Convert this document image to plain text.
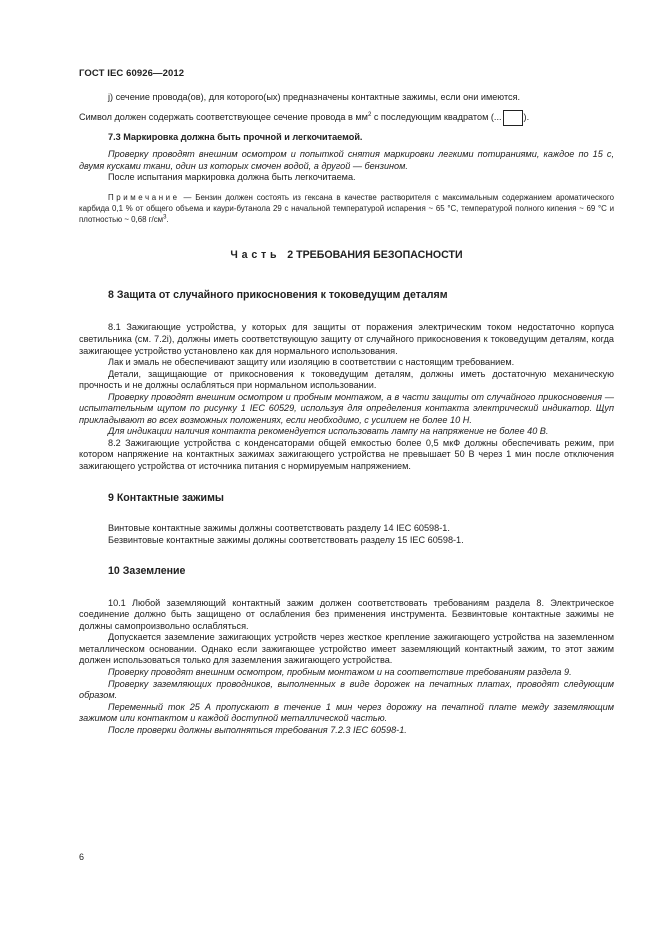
ГОСТ IEC 60926—2012

j) сечение провода(ов), для которого(ых) предназначены контактные зажимы, если они имеются.

Символ должен содержать соответствующее сечение провода в $мм^2$ с последующим квадратом (... ).

7.3 Маркировка должна быть прочной и легкочитаемой.

Проверку проводят внешним осмотром и попыткой снятия маркировки легкими потираниями, каждое по 15 с, двумя кусками ткани, один из которых смочен водой, а другой — бензином.

После испытания маркировка должна быть легкочитаема.

Примечание — Бензин должен состоять из гексана в качестве растворителя с максимальным содержанием ароматического карбида 0,1 % от общего объема и каури-бутанола 29 с начальной температурой испарения ~ 65 °С, температурой полного кипения ~ 69 °С и плотностью ~ 0,68 $г/см^3$.

Часть 2 ТРЕБОВАНИЯ БЕЗОПАСНОСТИ
8 Защита от случайного прикосновения к токоведущим деталям

8.1 Зажигающие устройства, у которых для защиты от поражения электрическим током недостаточно корпуса светильника (см. 7.2i), должны иметь соответствующую защиту от случайного прикосновения к токоведущим деталям, когда зажигающее устройство установлено как для нормального использования.

Лак и эмаль не обеспечивают защиту или изоляцию в соответствии с настоящим требованием.

Детали, защищающие от прикосновения к токоведущим деталям, должны иметь достаточную механическую прочность и не должны ослабляться при нормальном использовании.

Проверку проводят внешним осмотром и пробным монтажом, а в части защиты от случайного прикосновения — испытательным щупом по рисунку 1 IEC 60529, используя для определения контакта электрический индикатор. Щуп прикладывают во всех возможных положениях, если необходимо, с усилием не более 10 Н.

Для индикации наличия контакта рекомендуется использовать лампу на напряжение не более 40 В.

8.2 Зажигающие устройства с конденсаторами общей емкостью более 0,5 мкФ должны обеспечивать режим, при котором напряжение на контактных зажимах зажигающего устройства не превышает 50 В через 1 мин после отключения зажигающего устройства от источника питания с нормируемым напряжением.

9 Контактные зажимы

Винтовые контактные зажимы должны соответствовать разделу 14 IEC 60598-1.

Безвинтовые контактные зажимы должны соответствовать разделу 15 IEC 60598-1.

10 Заземление

10.1 Любой заземляющий контактный зажим должен соответствовать требованиям раздела 8. Электрическое соединение должно быть защищено от ослабления без применения инструмента. Безвинтовые контактные зажимы не должны самопроизвольно ослабляться.

Допускается заземление зажигающих устройств через жесткое крепление зажигающего устройства на заземленном металлическом основании. Однако если зажигающее устройство имеет заземляющий контактный зажим, то этот зажим должен использоваться только для заземления зажигающего устройства.

Проверку проводят внешним осмотром, пробным монтажом и на соответствие требованиям раздела 9.

Проверку заземляющих проводников, выполненных в виде дорожек на печатных платах, проводят следующим образом.

Переменный ток 25 А пропускают в течение 1 мин через дорожку на печатной плате между заземляющим зажимом или контактом и каждой доступной металлической частью.

После проверки должны выполняться требования 7.2.3 IEC 60598-1.

6
